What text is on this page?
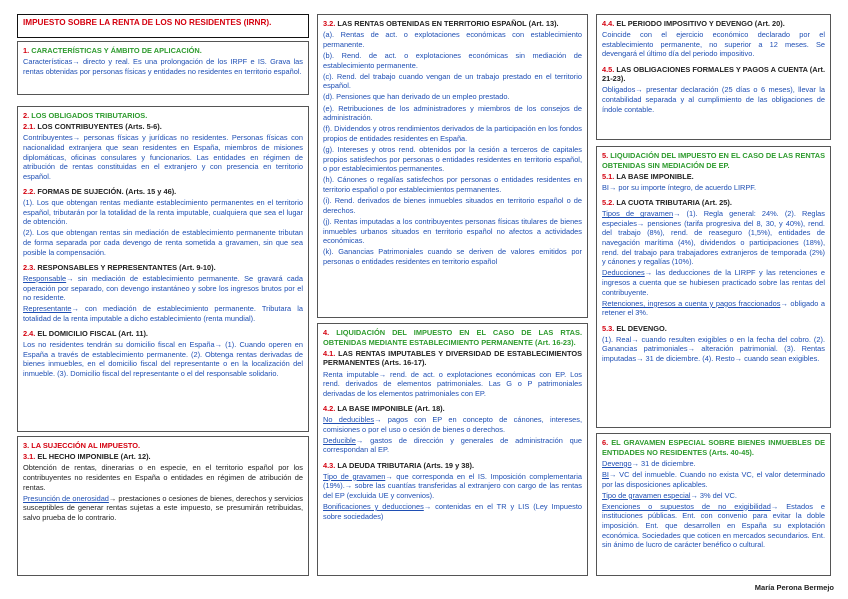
IMPUESTO SOBRE LA RENTA DE LOS NO RESIDENTES (IRNR).

1. CARACTERÍSTICAS Y ÁMBITO DE APLICACIÓN.

Características→ directo y real. Es una prolongación de los IRPF e IS. Grava las rentas obtenidas por personas físicas y entidades no residentes en territorio español.

2. LOS OBLIGADOS TRIBUTARIOS.

2.1. LOS CONTRIBUYENTES (Arts. 5-6).

Contribuyentes→ personas físicas y jurídicas no residentes. Personas físicas con nacionalidad extranjera que sean residentes en España, miembros de misiones diplomáticas, oficinas consulares y funcionarios. Las entidades en régimen de atribución de rentas constituidas en el extranjero y con presencia en territorio español.

2.2. FORMAS DE SUJECIÓN. (Arts. 15 y 46).

(1). Los que obtengan rentas mediante establecimiento permanentes en el territorio español, tributarán por la totalidad de la renta imputable, cualquiera que sea el lugar de obtención.

(2). Los que obtengan rentas sin mediación de establecimiento permanente tributan de forma separada por cada devengo de renta sometida a gravamen, sin que sea posible la compensación.

2.3. RESPONSABLES Y REPRESENTANTES (Art. 9-10).

Responsable→ sin mediación de establecimiento permanente. Se gravará cada operación por separado, con devengo instantáneo y sobre los ingresos brutos por el no residente.

Representante→ con mediación de establecimiento permanente. Tributara la totalidad de la renta imputable a dicho establecimiento (renta mundial).

2.4. EL DOMICILIO FISCAL (Art. 11).

Los no residentes tendrán su domicilio fiscal en España→ (1). Cuando operen en España a través de establecimiento permanente. (2). Obtenga rentas derivadas de bienes inmuebles, en el domicilio fiscal del representante o en la localización del inmueble. (3). Domicilio fiscal del representante o el del responsable solidario.

3. LA SUJECCIÓN AL IMPUESTO.

3.1. EL HECHO IMPONIBLE (Art. 12).

Obtención de rentas, dinerarias o en especie, en el territorio español por los contribuyentes no residentes en España o entidades en régimen de atribución de rentas.

Presunción de onerosidad→ prestaciones o cesiones de bienes, derechos y servicios susceptibles de generar rentas sujetas a este impuesto, se presumirán retribuidas, salvo prueba de lo contrario.

3.2. LAS RENTAS OBTENIDAS EN TERRITORIO ESPAÑOL (Art. 13).

(a). Rentas de act. o explotaciones económicas con establecimiento permanente.

(b). Rend. de act. o explotaciones económicas sin mediación de establecimiento permanente.

(c). Rend. del trabajo cuando vengan de un trabajo prestado en el territorio español.

(d). Pensiones que han derivado de un empleo prestado.

(e). Retribuciones de los administradores y miembros de los consejos de administración.

(f). Dividendos y otros rendimientos derivados de la participación en los fondos propios de entidades residentes en España.

(g). Intereses y otros rend. obtenidos por la cesión a terceros de capitales propios satisfechos por personas o entidades residentes en territorio español, o por establecimientos permanentes.

(h). Cánones o regalías satisfechos por personas o entidades residentes en territorio español o por establecimientos permanentes.

(i). Rend. derivados de bienes inmuebles situados en territorio español o de derechos.

(j). Rentas imputadas a los contribuyentes personas físicas titulares de bienes inmuebles urbanos situados en territorio español no afectos a actividades económicas.

(k). Ganancias Patrimoniales cuando se deriven de valores emitidos por personas o entidades residentes en territorio español

4. LIQUIDACIÓN DEL IMPUESTO EN EL CASO DE LAS RTAS. OBTENIDAS MEDIANTE ESTABLECIMIENTO PERMANENTE (Art. 16-23).

4.1. LAS RENTAS IMPUTABLES Y DIVERSIDAD DE ESTABLECIMIENTOS PERMANENTES (Arts. 16-17).

Renta imputable→ rend. de act. o explotaciones económicas con EP. Los rend. derivados de elementos patrimoniales. Las G o P patrimoniales derivadas de los elementos patrimoniales con EP.

4.2. LA BASE IMPONIBLE (Art. 18).

No deducibles→ pagos con EP en concepto de cánones, intereses, comisiones o por el uso o cesión de bienes o derechos.

Deducible→ gastos de dirección y generales de administración que correspondan al EP.

4.3. LA DEUDA TRIBUTARIA (Arts. 19 y 38).

Tipo de gravamen→ que corresponda en el IS. Imposición complementaria (19%).→ sobre las cuantías transferidas al extranjero con cargo de las rentas del EP (excluida UE y convenios).

Bonificaciones y deducciones→ contenidas en el TR y LIS (Ley Impuesto sobre sociedades)

4.4. EL PERIODO IMPOSITIVO Y DEVENGO (Art. 20).

Coincide con el ejercicio económico declarado por el establecimiento permanente, no superior a 12 meses. Se devengará el último día del periodo impositivo.

4.5. LAS OBLIGACIONES FORMALES Y PAGOS A CUENTA (Art. 21-23).

Obligados→ presentar declaración (25 días o 6 meses), llevar la contabilidad separada y al cumplimiento de las obligaciones de índole contable.

5. LIQUIDACIÓN DEL IMPUESTO EN EL CASO DE LAS RENTAS OBTENIDAS SIN MEDIACIÓN DE EP.

5.1. LA BASE IMPONIBLE.

BI→ por su importe íntegro, de acuerdo LIRPF.

5.2. LA CUOTA TRIBUTARIA (Art. 25).

Tipos de gravamen→ (1). Regla general: 24%. (2). Reglas especiales→ pensiones (tarifa progresiva del 8, 30, y 40%), rend. del trabajo (8%), rend. de reaseguro (1,5%), entidades de navegación marítima (4%), dividendos o participaciones (18%), rend. del trabajo para trabajadores extranjeros de temporada (2%) y cánones y regalías (10%).

Deducciones→ las deducciones de la LIRPF y las retenciones e ingresos a cuenta que se hubiesen practicado sobre las rentas del contribuyente.

Retenciones, ingresos a cuenta y pagos fraccionados→ obligado a retener el 3%.

5.3. EL DEVENGO.

(1). Real→ cuando resulten exigibles o en la fecha del cobro. (2). Ganancias patrimoniales→ alteración patrimonial. (3). Rentas imputadas→ 31 de diciembre. (4). Resto→ cuando sean exigibles.

6. EL GRAVAMEN ESPECIAL SOBRE BIENES INMUEBLES DE ENTIDADES NO RESIDENTES (Arts. 40-45).

Devengo→ 31 de diciembre.

BI→ VC del inmueble. Cuando no exista VC, el valor determinado por las disposiciones aplicables.

Tipo de gravamen especial→ 3% del VC.

Exenciones o supuestos de no exigibilidad→ Estados e instituciones públicas. Ent. con convenio para evitar la doble imposición. Ent. que desarrollen en España su explotación económica. Sociedades que coticen en mercados secundarios. Ent. sin ánimo de lucro de carácter benéfico o cultural.

María Perona Bermejo
